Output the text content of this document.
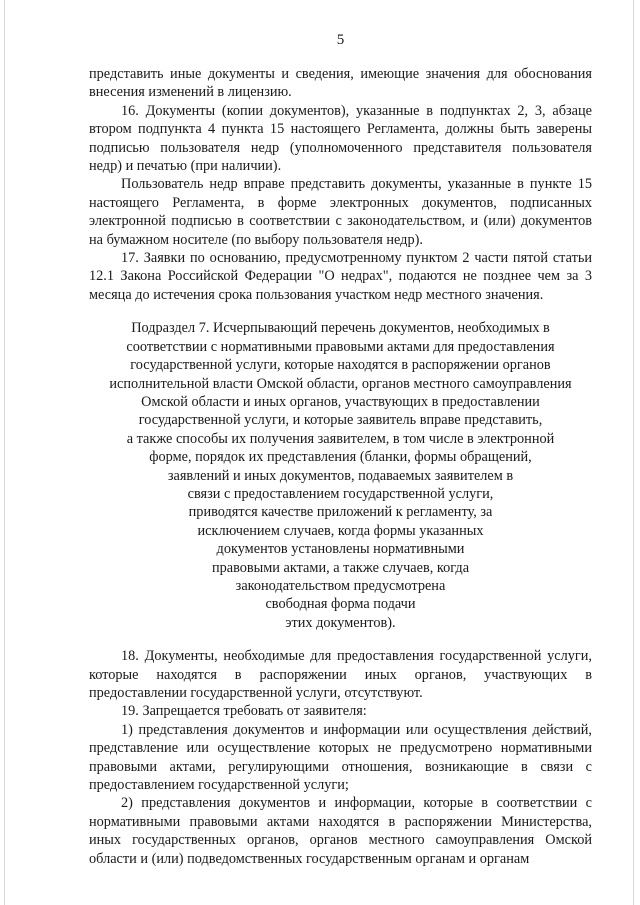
5

представить иные документы и сведения, имеющие значения для обоснования внесения изменений в лицензию.

16. Документы (копии документов), указанные в подпунктах 2, 3, абзаце втором подпункта 4 пункта 15 настоящего Регламента, должны быть заверены подписью пользователя недр (уполномоченного представителя пользователя недр) и печатью (при наличии).

Пользователь недр вправе представить документы, указанные в пункте 15 настоящего Регламента, в форме электронных документов, подписанных электронной подписью в соответствии с законодательством, и (или) документов на бумажном носителе (по выбору пользователя недр).

17. Заявки по основанию, предусмотренному пунктом 2 части пятой статьи 12.1 Закона Российской Федерации "О недрах", подаются не позднее чем за 3 месяца до истечения срока пользования участком недр местного значения.

Подраздел 7. Исчерпывающий перечень документов, необходимых в
соответствии с нормативными правовыми актами для предоставления
государственной услуги, которые находятся в распоряжении органов
исполнительной власти Омской области, органов местного самоуправления
Омской области и иных органов, участвующих в предоставлении
государственной услуги, и которые заявитель вправе представить,
а также способы их получения заявителем, в том числе в электронной
форме, порядок их представления (бланки, формы обращений,
заявлений и иных документов, подаваемых заявителем в
связи с предоставлением государственной услуги,
приводятся качестве приложений к регламенту, за
исключением случаев, когда формы указанных
документов установлены нормативными
правовыми актами, а также случаев, когда
законодательством предусмотрена
свободная форма подачи
этих документов).

18. Документы, необходимые для предоставления государственной услуги, которые находятся в распоряжении иных органов, участвующих в предоставлении государственной услуги, отсутствуют.

19. Запрещается требовать от заявителя:

1) представления документов и информации или осуществления действий, представление или осуществление которых не предусмотрено нормативными правовыми актами, регулирующими отношения, возникающие в связи с предоставлением государственной услуги;

2) представления документов и информации, которые в соответствии с нормативными правовыми актами находятся в распоряжении Министерства, иных государственных органов, органов местного самоуправления Омской области и (или) подведомственных государственным органам и органам
